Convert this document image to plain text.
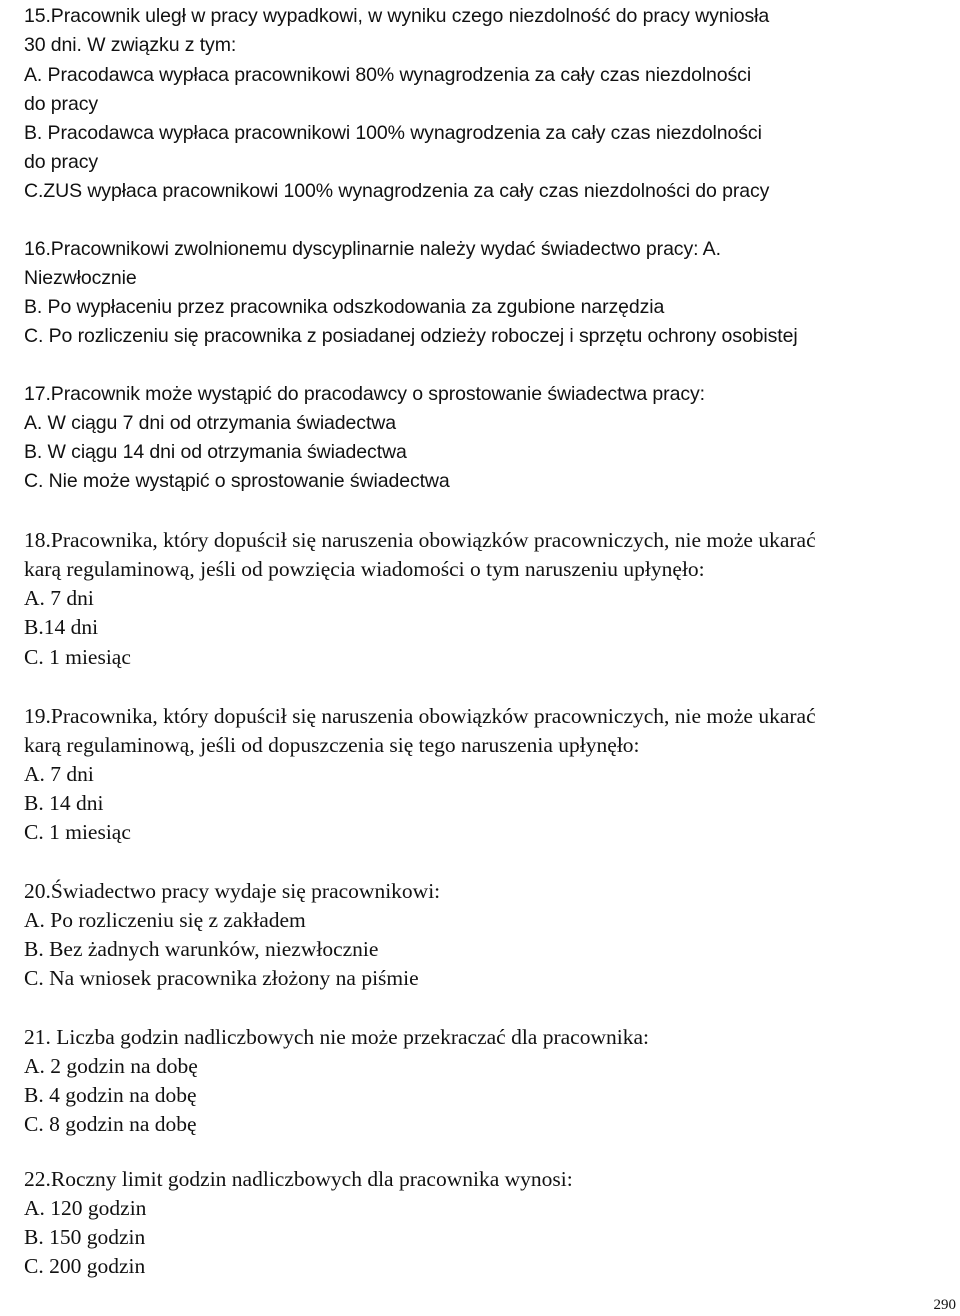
15.Pracownik uległ w pracy wypadkowi, w wyniku czego niezdolność do pracy wyniosła
30 dni. W związku z tym:
A. Pracodawca wypłaca pracownikowi 80% wynagrodzenia za cały czas niezdolności
do pracy
B. Pracodawca wypłaca pracownikowi 100% wynagrodzenia za cały czas niezdolności
do pracy
C.ZUS wypłaca pracownikowi 100% wynagrodzenia za cały czas niezdolności do pracy
16.Pracownikowi zwolnionemu dyscyplinarnie należy wydać świadectwo pracy: A.
Niezwłocznie
B. Po wypłaceniu przez pracownika odszkodowania za zgubione narzędzia
C. Po rozliczeniu się pracownika z posiadanej odzieży roboczej i sprzętu ochrony osobistej
17.Pracownik może wystąpić do pracodawcy o sprostowanie świadectwa pracy:
A. W ciągu 7 dni od otrzymania świadectwa
B. W ciągu 14 dni od otrzymania świadectwa
C. Nie może wystąpić o sprostowanie świadectwa
18.Pracownika, który dopuścił się naruszenia obowiązków pracowniczych, nie może ukarać
karą regulaminową, jeśli od powzięcia wiadomości o tym naruszeniu upłynęło:
A. 7 dni
B.14 dni
C. 1 miesiąc
19.Pracownika, który dopuścił się naruszenia obowiązków pracowniczych, nie może ukarać
karą regulaminową, jeśli od dopuszczenia się tego naruszenia upłynęło:
A. 7 dni
B. 14 dni
C. 1 miesiąc
20.Świadectwo pracy wydaje się pracownikowi:
A. Po rozliczeniu się z zakładem
B. Bez żadnych warunków, niezwłocznie
C. Na wniosek pracownika złożony na piśmie
21. Liczba godzin nadliczbowych nie może przekraczać dla pracownika:
A. 2 godzin na dobę
B. 4 godzin na dobę
C. 8 godzin na dobę
22.Roczny limit godzin nadliczbowych dla pracownika wynosi:
A. 120 godzin
B. 150 godzin
C. 200 godzin
290
